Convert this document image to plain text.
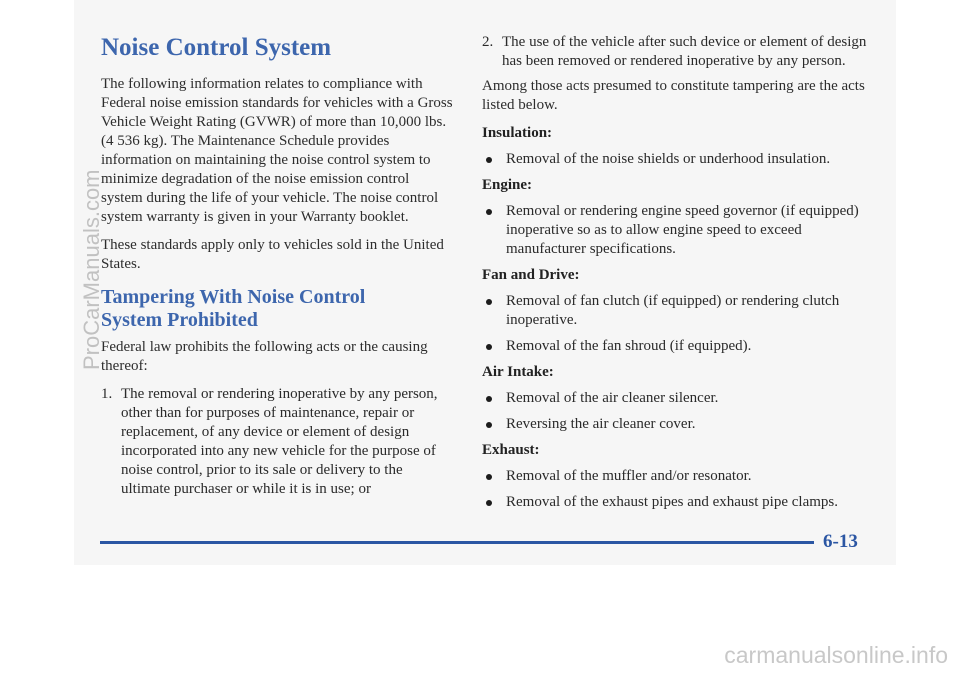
Noise Control System

The following information relates to compliance with Federal noise emission standards for vehicles with a Gross Vehicle Weight Rating (GVWR) of more than 10,000 lbs. (4 536 kg). The Maintenance Schedule provides information on maintaining the noise control system to minimize degradation of the noise emission control system during the life of your vehicle. The noise control system warranty is given in your Warranty booklet.

These standards apply only to vehicles sold in the United States.

Tampering With Noise Control System Prohibited

Federal law prohibits the following acts or the causing thereof:

1. The removal or rendering inoperative by any person, other than for purposes of maintenance, repair or replacement, of any device or element of design incorporated into any new vehicle for the purpose of noise control, prior to its sale or delivery to the ultimate purchaser or while it is in use; or
2. The use of the vehicle after such device or element of design has been removed or rendered inoperative by any person.

Among those acts presumed to constitute tampering are the acts listed below.

Insulation:
Removal of the noise shields or underhood insulation.
Engine:
Removal or rendering engine speed governor (if equipped) inoperative so as to allow engine speed to exceed manufacturer specifications.
Fan and Drive:
Removal of fan clutch (if equipped) or rendering clutch inoperative.
Removal of the fan shroud (if equipped).
Air Intake:
Removal of the air cleaner silencer.
Reversing the air cleaner cover.
Exhaust:
Removal of the muffler and/or resonator.
Removal of the exhaust pipes and exhaust pipe clamps.
6-13
ProCarManuals.com
carmanualsonline.info
